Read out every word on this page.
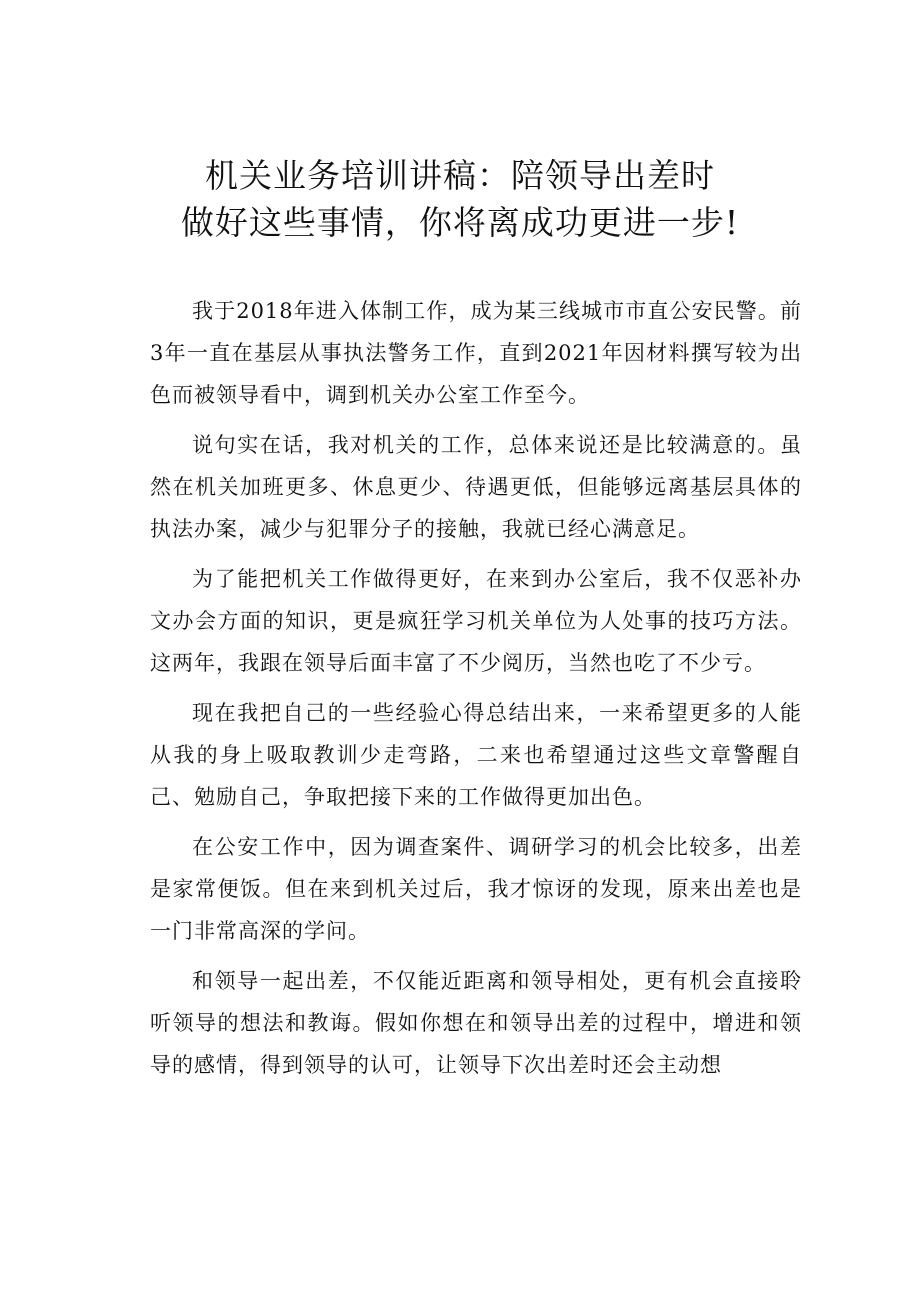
机关业务培训讲稿：陪领导出差时
做好这些事情，你将离成功更进一步!

我于2018年进入体制工作，成为某三线城市市直公安民警。前3年一直在基层从事执法警务工作，直到2021年因材料撰写较为出色而被领导看中，调到机关办公室工作至今。

说句实在话，我对机关的工作，总体来说还是比较满意的。虽然在机关加班更多、休息更少、待遇更低，但能够远离基层具体的执法办案，减少与犯罪分子的接触，我就已经心满意足。

为了能把机关工作做得更好，在来到办公室后，我不仅恶补办文办会方面的知识，更是疯狂学习机关单位为人处事的技巧方法。这两年，我跟在领导后面丰富了不少阅历，当然也吃了不少亏。

现在我把自己的一些经验心得总结出来，一来希望更多的人能从我的身上吸取教训少走弯路，二来也希望通过这些文章警醒自己、勉励自己，争取把接下来的工作做得更加出色。

在公安工作中，因为调查案件、调研学习的机会比较多，出差是家常便饭。但在来到机关过后，我才惊讶的发现，原来出差也是一门非常高深的学问。

和领导一起出差，不仅能近距离和领导相处，更有机会直接聆听领导的想法和教诲。假如你想在和领导出差的过程中，增进和领导的感情，得到领导的认可，让领导下次出差时还会主动想
